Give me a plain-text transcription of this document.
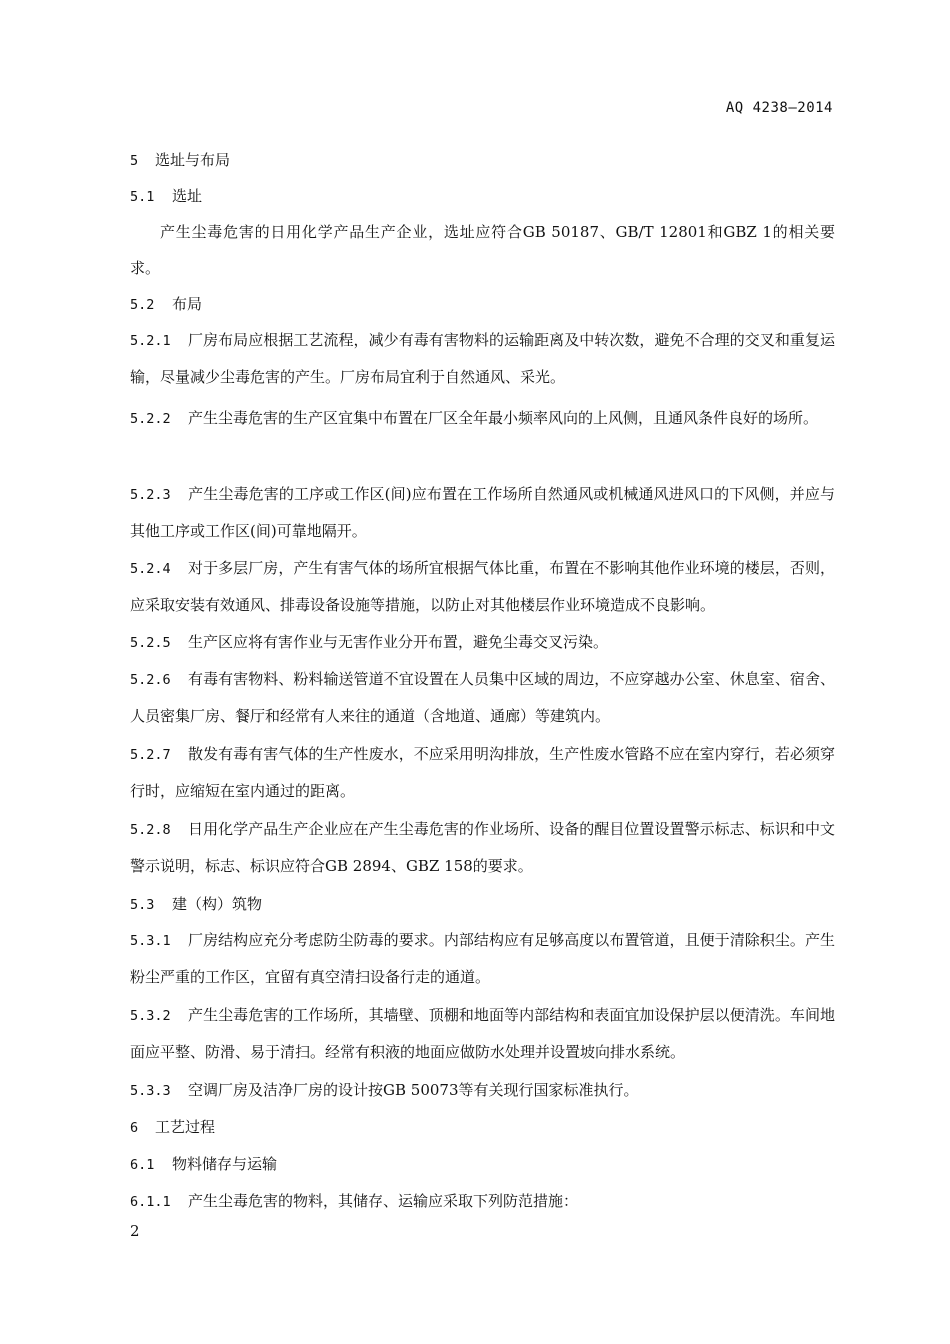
AQ 4238—2014
5 选址与布局
5.1 选址
产生尘毒危害的日用化学产品生产企业，选址应符合GB 50187、GB/T 12801和GBZ 1的相关要求。
5.2 布局
5.2.1 厂房布局应根据工艺流程，减少有毒有害物料的运输距离及中转次数，避免不合理的交叉和重复运输，尽量减少尘毒危害的产生。厂房布局宜利于自然通风、采光。
5.2.2 产生尘毒危害的生产区宜集中布置在厂区全年最小频率风向的上风侧，且通风条件良好的场所。
5.2.3 产生尘毒危害的工序或工作区(间)应布置在工作场所自然通风或机械通风进风口的下风侧，并应与其他工序或工作区(间)可靠地隔开。
5.2.4 对于多层厂房，产生有害气体的场所宜根据气体比重，布置在不影响其他作业环境的楼层，否则，应采取安装有效通风、排毒设备设施等措施，以防止对其他楼层作业环境造成不良影响。
5.2.5 生产区应将有害作业与无害作业分开布置，避免尘毒交叉污染。
5.2.6 有毒有害物料、粉料输送管道不宜设置在人员集中区域的周边，不应穿越办公室、休息室、宿舍、人员密集厂房、餐厅和经常有人来往的通道（含地道、通廊）等建筑内。
5.2.7 散发有毒有害气体的生产性废水，不应采用明沟排放，生产性废水管路不应在室内穿行，若必须穿行时，应缩短在室内通过的距离。
5.2.8 日用化学产品生产企业应在产生尘毒危害的作业场所、设备的醒目位置设置警示标志、标识和中文警示说明，标志、标识应符合GB 2894、GBZ 158的要求。
5.3 建（构）筑物
5.3.1 厂房结构应充分考虑防尘防毒的要求。内部结构应有足够高度以布置管道，且便于清除积尘。产生粉尘严重的工作区，宜留有真空清扫设备行走的通道。
5.3.2 产生尘毒危害的工作场所，其墙壁、顶棚和地面等内部结构和表面宜加设保护层以便清洗。车间地面应平整、防滑、易于清扫。经常有积液的地面应做防水处理并设置坡向排水系统。
5.3.3 空调厂房及洁净厂房的设计按GB 50073等有关现行国家标准执行。
6 工艺过程
6.1 物料储存与运输
6.1.1 产生尘毒危害的物料，其储存、运输应采取下列防范措施：
2
